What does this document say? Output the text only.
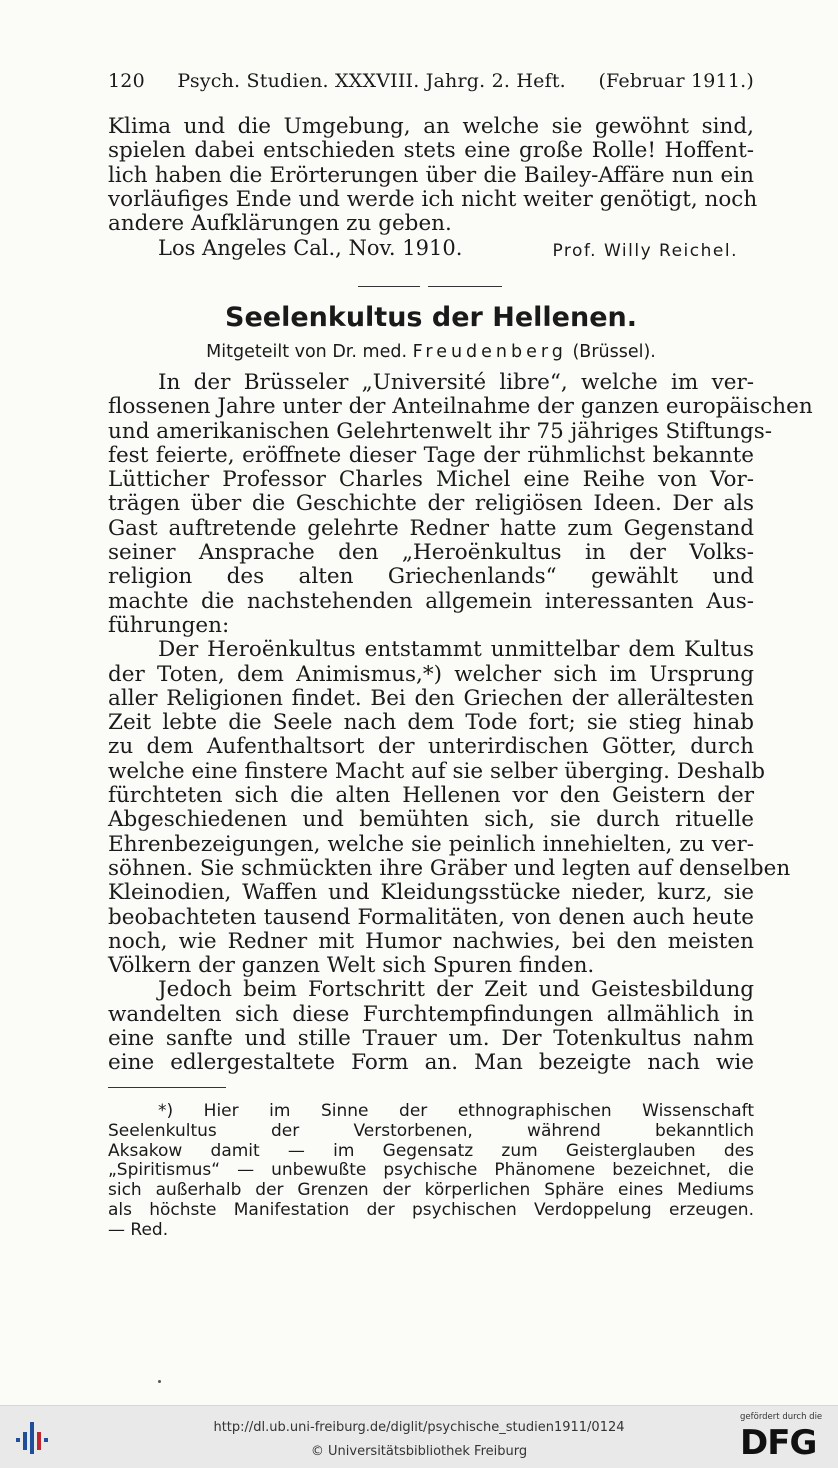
120 Psych. Studien. XXXVIII. Jahrg. 2. Heft. (Februar 1911.)
Klima und die Umgebung, an welche sie gewöhnt sind,
spielen dabei entschieden stets eine große Rolle! Hoffent-
lich haben die Erörterungen über die Bailey-Affäre nun ein
vorläufiges Ende und werde ich nicht weiter genötigt, noch
andere Aufklärungen zu geben.
Los Angeles Cal., Nov. 1910.	Prof. Willy Reichel.
Seelenkultus der Hellenen.
Mitgeteilt von Dr. med. Freudenberg (Brüssel).
In der Brüsseler „Université libre“, welche im ver-
flossenen Jahre unter der Anteilnahme der ganzen europäischen
und amerikanischen Gelehrtenwelt ihr 75 jähriges Stiftungs-
fest feierte, eröffnete dieser Tage der rühmlichst bekannte
Lütticher Professor Charles Michel eine Reihe von Vor-
trägen über die Geschichte der religiösen Ideen. Der als
Gast auftretende gelehrte Redner hatte zum Gegenstand
seiner Ansprache den „Heroënkultus in der Volks-
religion des alten Griechenlands“ gewählt und
machte die nachstehenden allgemein interessanten Aus-
führungen:
Der Heroënkultus entstammt unmittelbar dem Kultus
der Toten, dem Animismus,*) welcher sich im Ursprung
aller Religionen findet. Bei den Griechen der allerältesten
Zeit lebte die Seele nach dem Tode fort; sie stieg hinab
zu dem Aufenthaltsort der unterirdischen Götter, durch
welche eine finstere Macht auf sie selber überging. Deshalb
fürchteten sich die alten Hellenen vor den Geistern der
Abgeschiedenen und bemühten sich, sie durch rituelle
Ehrenbezeigungen, welche sie peinlich innehielten, zu ver-
söhnen. Sie schmückten ihre Gräber und legten auf denselben
Kleinodien, Waffen und Kleidungsstücke nieder, kurz, sie
beobachteten tausend Formalitäten, von denen auch heute
noch, wie Redner mit Humor nachwies, bei den meisten
Völkern der ganzen Welt sich Spuren finden.
Jedoch beim Fortschritt der Zeit und Geistesbildung
wandelten sich diese Furchtempfindungen allmählich in
eine sanfte und stille Trauer um. Der Totenkultus nahm
eine edlergestaltete Form an. Man bezeigte nach wie
*) Hier im Sinne der ethnographischen Wissenschaft
Seelenkultus der Verstorbenen, während bekanntlich
Aksakow damit — im Gegensatz zum Geisterglauben des
„Spiritismus“ — unbewußte psychische Phänomene bezeichnet, die
sich außerhalb der Grenzen der körperlichen Sphäre eines Mediums
als höchste Manifestation der psychischen Verdoppelung erzeugen.
— Red.
http://dl.ub.uni-freiburg.de/diglit/psychische_studien1911/0124
© Universitätsbibliothek Freiburg
gefördert durch die
DFG
